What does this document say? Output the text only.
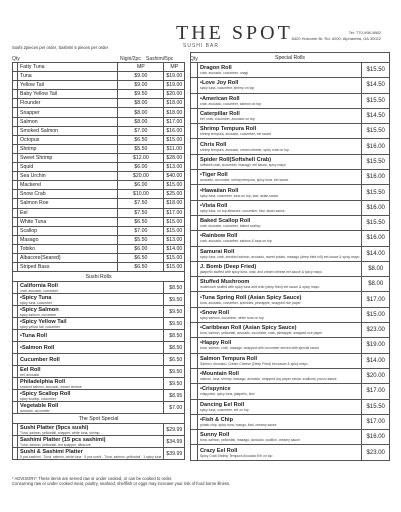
THE SPOT
SUSHI BAR
Tel: 770-998-9882
8420 Holcomb Br. Rd. #200, Alpharetta, GA 30022
Sushi 2pieces per order, Sashimi 5 pieces per order
Qty	Nigiri/2pc Sashimi/5pc	Qty
	Fatty Tuna	MP	MP
	Tuna	$9.00	$19.00
	Yellow Tail	$9.00	$19.00
	Baby Yellow Tail	$9.50	$20.00
	Flounder	$8.00	$18.00
	Snapper	$8.00	$18.00
	Salmon	$8.00	$17.00
	Smoked Salmon	$7.00	$16.00
	Octopus	$6.50	$15.00
	Shrimp	$5.50	$11.00
	Sweet Shrimp	$12.00	$28.00
	Squid	$6.00	$13.00
	Sea Urchin	$20.00	$40.00
	Mackerel	$6.00	$15.00
	Snow Crab	$10.00	$25.00
	Salmon Roe	$7.50	$18.00
	Eel	$7.50	$17.00
	White Tuna	$6.50	$15.00
	Scallop	$7.00	$15.00
	Masago	$5.50	$13.00
	Tobiko	$6.00	$14.00
	Albacore(Seared)	$6.50	$15.00
	Striped Bass	$6.50	$15.00
Sushi Rolls			

	California Roll
crab, avocado, cucumber		$8.50

	•Spicy Tuna
spicy tuna, cucumber		$9.50

	•Spicy Salmon
spicy salmon, cucumber		$9.50

	•Spicy Yellow Tail
spicy yellow tail, cucumber		$9.50

	•Tuna Roll		$8.50

	•Salmon Roll		$8.50

	Cucumber Roll		$6.50

	Eel Roll
eel, avocado		$9.50

	Philadelphia Roll
smoked salmon, avocado, cream cheese		$9.50

	•Spicy Scallop Roll
spicy scallop, cucumber		$8.95

	Vegetable Roll
avocado, cucumber		$7.00
The Spot Special			

	Sushi Platter (9pcs sushi)
Tuna, salmon, yellowtail, snapper, white tuna, shrimp, ...		$29.99

	Sashimi Platter (15 pcs sashimi)
Tuna, salmon, yellowtail, red snapper, albacore		$34.99

	Sushi & Sashimi Platter
5 pcs sashimi - Tuna, salmon, white tuna · 5 pcs sushi - Tuna, salmon, yellowtail · 1 spicy tuna		$39.99
Special Rolls

	Dragon Roll
crab, avocado, cucumber, unagi	$15.50

	•Love Joy Roll
spicy tuna, cucumber, shrimp on top	$14.50

	•American Roll
crab, avocado, cucumber, salmon on top	$15.50

	Caterpillar Roll
eel, crab, cucumber, avocado on top	$14.50

	Shrimp Tempura Roll
shrimp tempura, avocado, cucumber, eel sauce	$15.50

	Chris Roll
shrimp tempura, avocado, cream cheese, spicy crab on top	$16.00

	Spider Roll(Softshell Crab)
softshell crab, cucumber, masago, eel sauce, spicy mayo	$15.50

	•Tiger Roll
avocado, cucumber, shrimp tempura, spicy tuna, eel sauce	$16.00

	•Hawaiian Roll
spicy tuna, cucumber, tuna on top, kiwi, asian sauce	$15.50

	•Vista Roll
spicy tuna, on top albacore, cucumber, kiwi, asian sauce	$16.00

	Baked Scallop Roll
crab, avocado, cucumber, baked scallop	$15.50

	•Rainbow Roll
crab, avocado, cucumber, salmon & tuna on top	$16.00

	Samurai Roll
spicy tuna, crab, smoked salmon, avocado, sweet potato, masago (deep fried roll) eel sauce & spicy mayo	$14.00

	J. Bomb (Deep Fried)
jalapeño stuffed with spicy tuna, crab, and cream cheese eel sauce & spicy mayo	$8.00

	Stuffed Mushroom
mushroom stuffed with spicy tuna and crab (deep fried) eel sauce & spicy mayo	$8.00

	•Tuna Spring Roll (Asian Spicy Sauce)
tuna, avocado, cucumber, sprinkles, pineapple, wrapped rice paper	$17.00

	•Snow Roll
spicy salmon, cucumber, white tuna on top	$15.00

	•Caribbean Roll (Asian Spicy Sauce)
tuna, salmon, yellowtail, avocado, cucumber, crab, pineapple, wrapped rice paper	$23.00

	•Happy Roll
tuna, salmon, crab, masago, wrapped with cucumber served with special sauce	$19.00

	Salmon Tempura Roll
Salmon, Avocado, Cream Cheese (Deep Fried) eel sauce & spicy mayo	$14.00

	•Mountain Roll
salmon, tuna, shrimp, masago, avocado, wrapped soy paper caviar, scallions, ponzu sauce	$20.00

	•Crispynice
crispynice, spicy tuna, jalapeño, kiwi	$17.00

	Dancing Eel Roll
spicy tuna, cucumber, eel on top	$15.50

	•Fish & Chip
potato chip, spicy tuna, mango, kiwi, creamy sauce	$17.00

	Sunny Roll
tuna, salmon, yellowtail, masago, avocado, scallion, creamy sauce	$16.00

	Crazy Eel Roll
Spicy Crab Shrimp Tempura Avocado Eel on top	$23.00
* ADVISORY: These items are served raw or under cooked, or can be cooked to order.
Consuming raw or under cooked meat, poultry, seafood, shellfish or eggs may increase your risk of food borne illness.
